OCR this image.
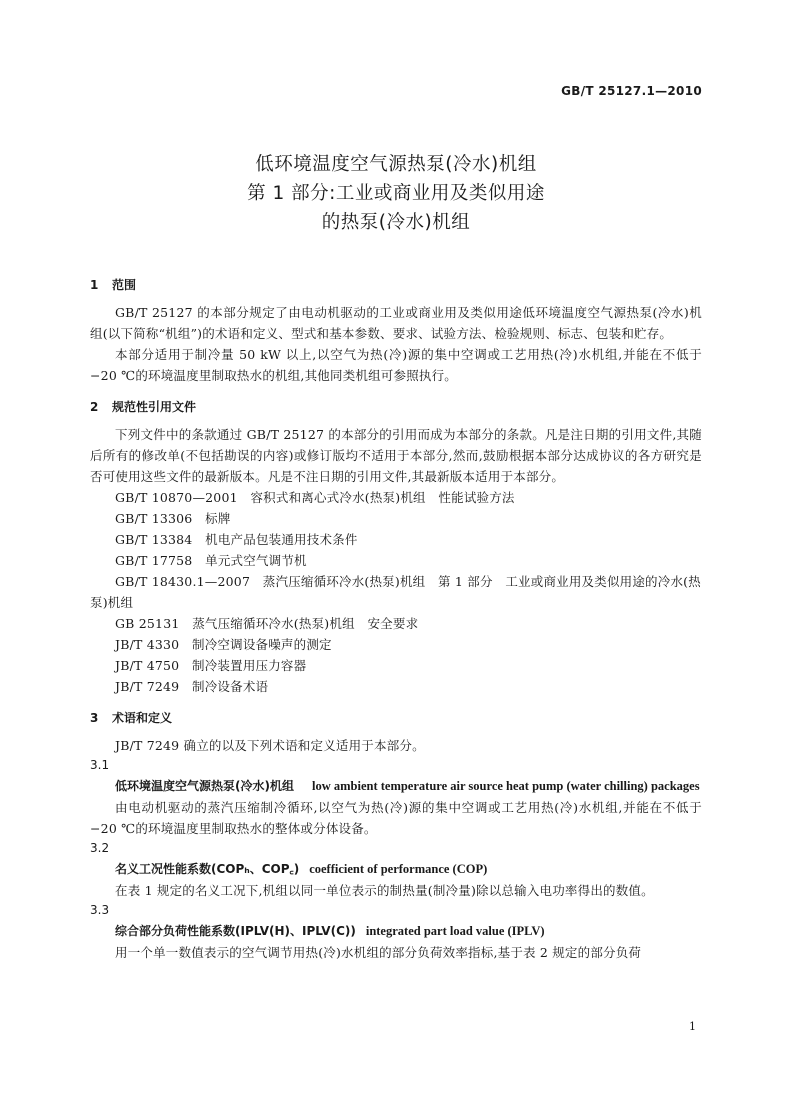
GB/T 25127.1—2010
低环境温度空气源热泵(冷水)机组
第 1 部分:工业或商业用及类似用途
的热泵(冷水)机组
1 范围
GB/T 25127 的本部分规定了由电动机驱动的工业或商业用及类似用途低环境温度空气源热泵(冷水)机组(以下简称“机组”)的术语和定义、型式和基本参数、要求、试验方法、检验规则、标志、包装和贮存。
本部分适用于制冷量 50 kW 以上,以空气为热(冷)源的集中空调或工艺用热(冷)水机组,并能在不低于−20 ℃的环境温度里制取热水的机组,其他同类机组可参照执行。
2 规范性引用文件
下列文件中的条款通过 GB/T 25127 的本部分的引用而成为本部分的条款。凡是注日期的引用文件,其随后所有的修改单(不包括勘误的内容)或修订版均不适用于本部分,然而,鼓励根据本部分达成协议的各方研究是否可使用这些文件的最新版本。凡是不注日期的引用文件,其最新版本适用于本部分。
GB/T 10870—2001　容积式和离心式冷水(热泵)机组　性能试验方法
GB/T 13306　标牌
GB/T 13384　机电产品包装通用技术条件
GB/T 17758　单元式空气调节机
GB/T 18430.1—2007　蒸汽压缩循环冷水(热泵)机组　第 1 部分　工业或商业用及类似用途的冷水(热泵)机组
GB 25131　蒸气压缩循环冷水(热泵)机组　安全要求
JB/T 4330　制冷空调设备噪声的测定
JB/T 4750　制冷装置用压力容器
JB/T 7249　制冷设备术语
3 术语和定义
JB/T 7249 确立的以及下列术语和定义适用于本部分。
3.1
低环境温度空气源热泵(冷水)机组 low ambient temperature air source heat pump (water chilling) packages
由电动机驱动的蒸汽压缩制冷循环,以空气为热(冷)源的集中空调或工艺用热(冷)水机组,并能在不低于−20 ℃的环境温度里制取热水的整体或分体设备。
3.2
名义工况性能系数(COPₕ、COP꜀) coefficient of performance (COP)
在表 1 规定的名义工况下,机组以同一单位表示的制热量(制冷量)除以总输入电功率得出的数值。
3.3
综合部分负荷性能系数(IPLV(H)、IPLV(C)) integrated part load value (IPLV)
用一个单一数值表示的空气调节用热(冷)水机组的部分负荷效率指标,基于表 2 规定的部分负荷
1
